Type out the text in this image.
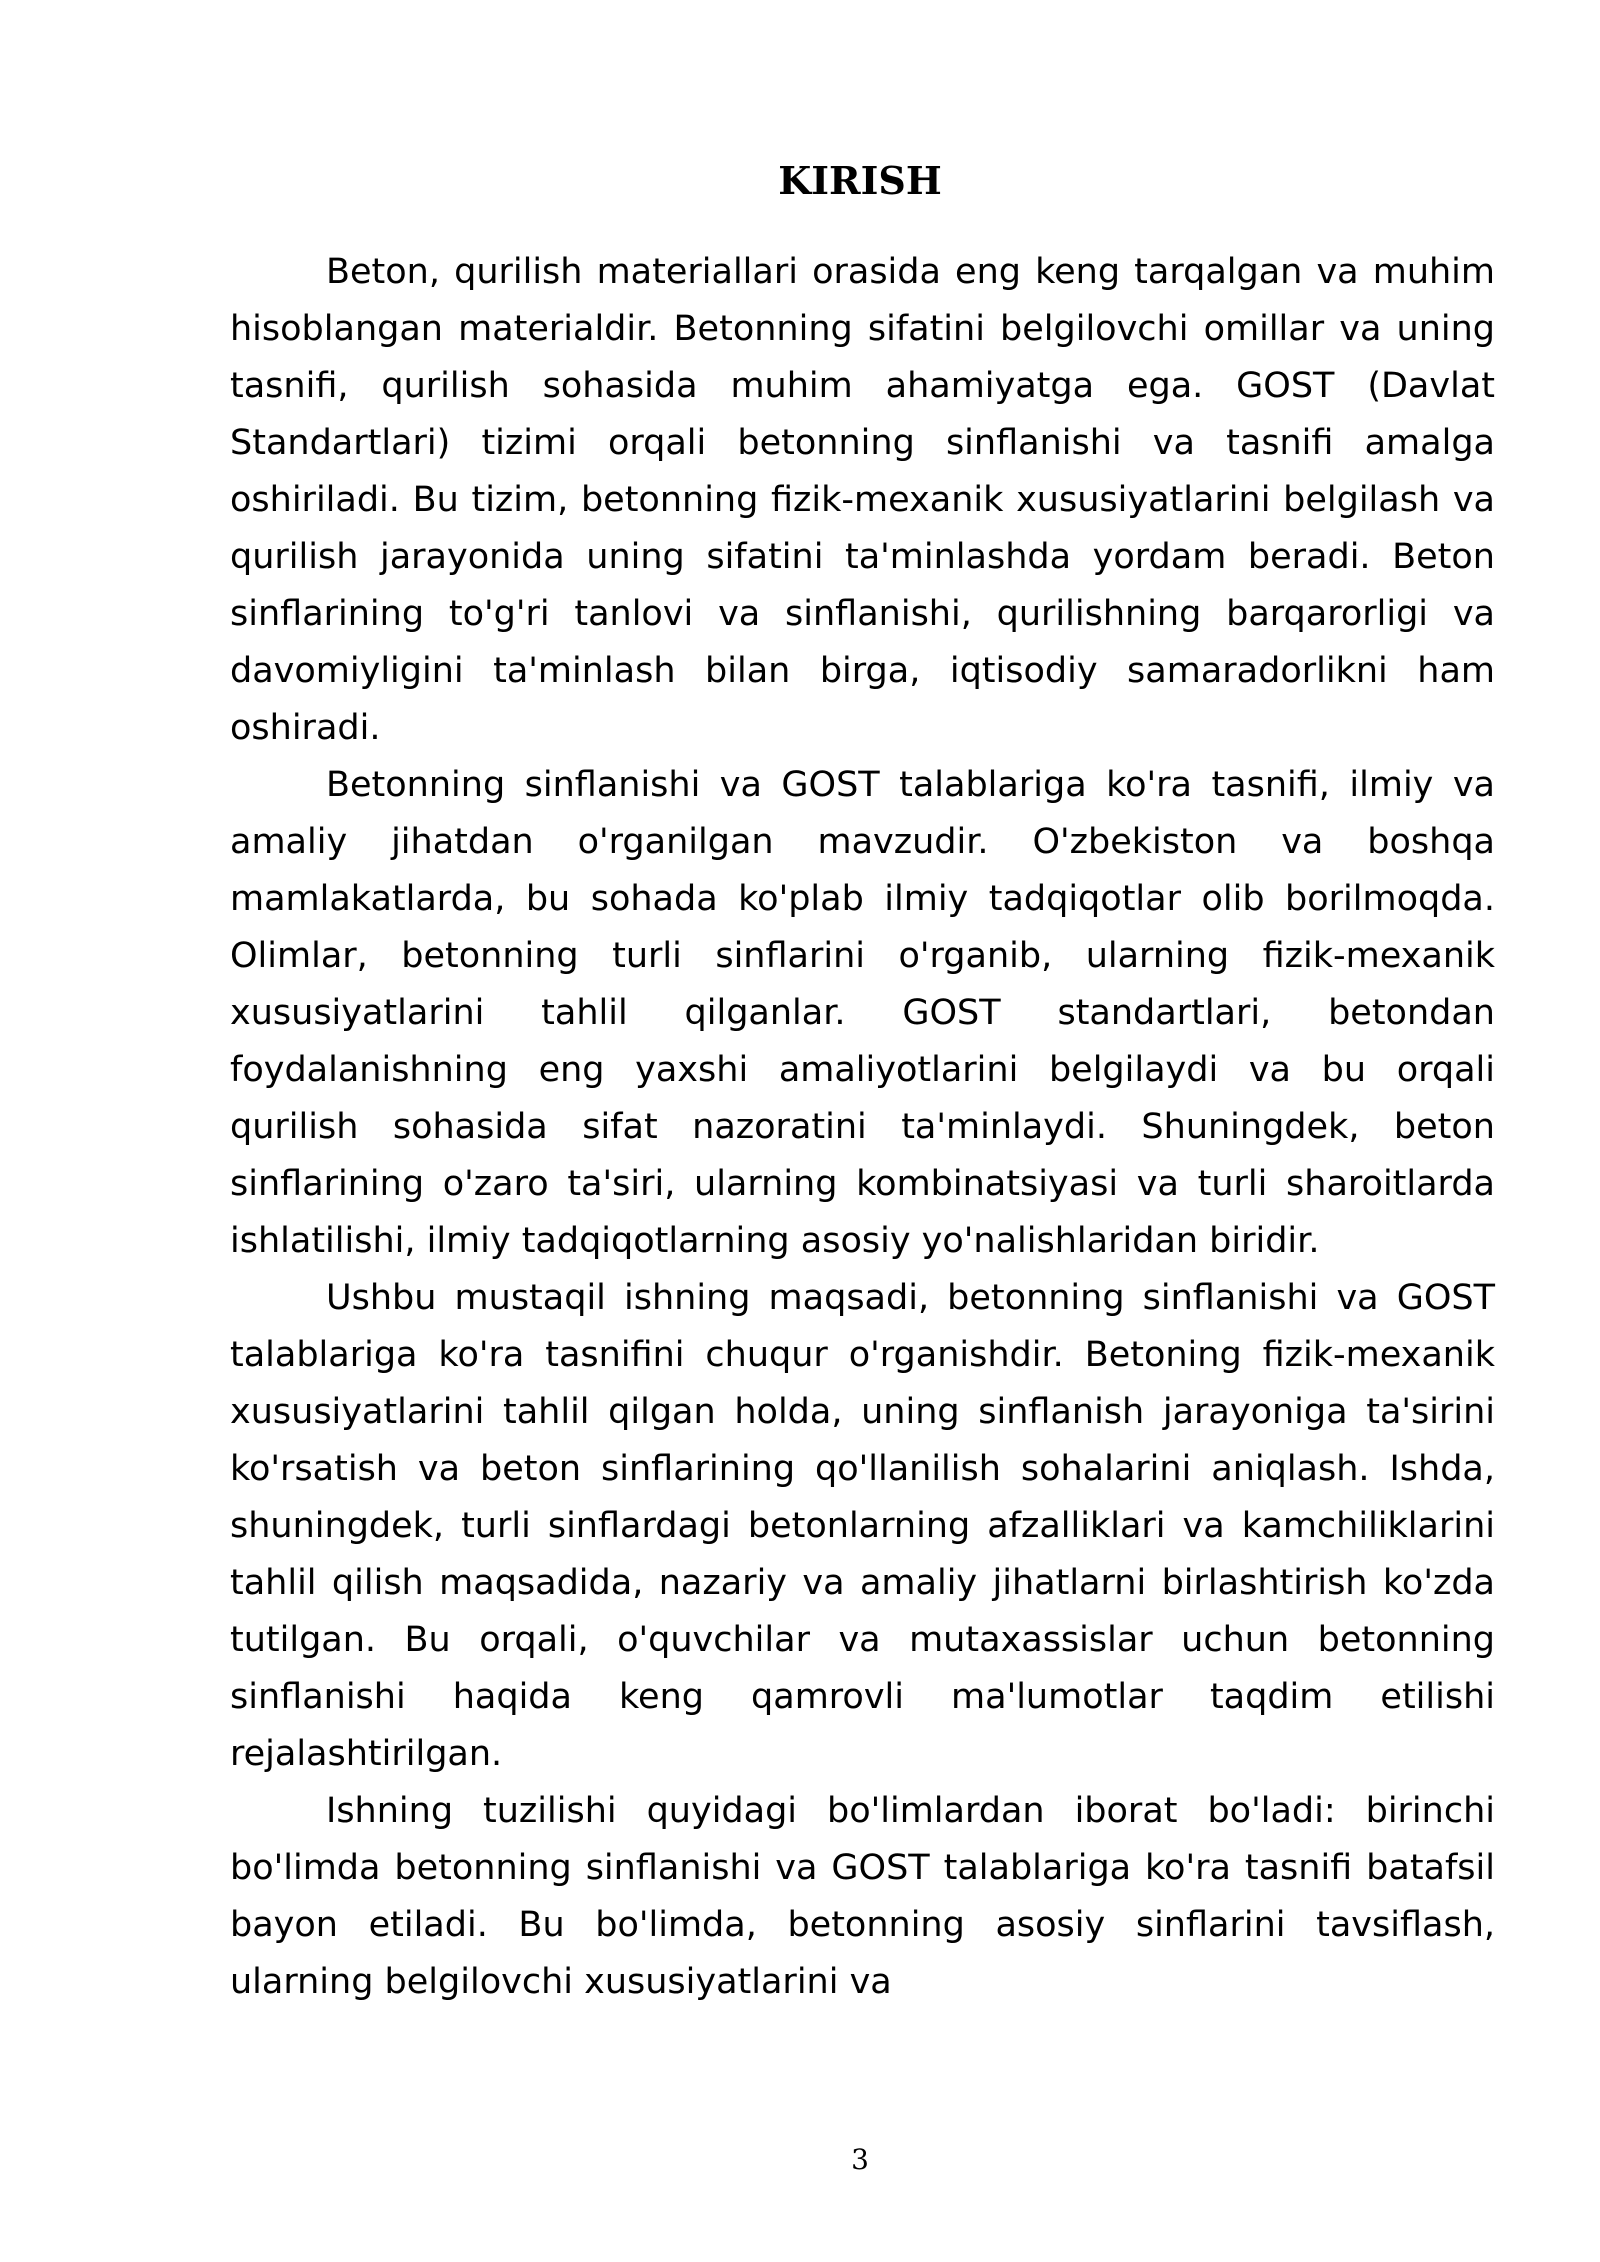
KIRISH

Beton, qurilish materiallari orasida eng keng tarqalgan va muhim hisoblangan materialdir. Betonning sifatini belgilovchi omillar va uning tasnifi, qurilish sohasida muhim ahamiyatga ega. GOST (Davlat Standartlari) tizimi orqali betonning sinflanishi va tasnifi amalga oshiriladi. Bu tizim, betonning fizik-mexanik xususiyatlarini belgilash va qurilish jarayonida uning sifatini ta'minlashda yordam beradi. Beton sinflarining to'g'ri tanlovi va sinflanishi, qurilishning barqarorligi va davomiyligini ta'minlash bilan birga, iqtisodiy samaradorlikni ham oshiradi.

Betonning sinflanishi va GOST talablariga ko'ra tasnifi, ilmiy va amaliy jihatdan o'rganilgan mavzudir. O'zbekiston va boshqa mamlakatlarda, bu sohada ko'plab ilmiy tadqiqotlar olib borilmoqda. Olimlar, betonning turli sinflarini o'rganib, ularning fizik-mexanik xususiyatlarini tahlil qilganlar. GOST standartlari, betondan foydalanishning eng yaxshi amaliyotlarini belgilaydi va bu orqali qurilish sohasida sifat nazoratini ta'minlaydi. Shuningdek, beton sinflarining o'zaro ta'siri, ularning kombinatsiyasi va turli sharoitlarda ishlatilishi, ilmiy tadqiqotlarning asosiy yo'nalishlaridan biridir.

Ushbu mustaqil ishning maqsadi, betonning sinflanishi va GOST talablariga ko'ra tasnifini chuqur o'rganishdir. Betoning fizik-mexanik xususiyatlarini tahlil qilgan holda, uning sinflanish jarayoniga ta'sirini ko'rsatish va beton sinflarining qo'llanilish sohalarini aniqlash. Ishda, shuningdek, turli sinflardagi betonlarning afzalliklari va kamchiliklarini tahlil qilish maqsadida, nazariy va amaliy jihatlarni birlashtirish ko'zda tutilgan. Bu orqali, o'quvchilar va mutaxassislar uchun betonning sinflanishi haqida keng qamrovli ma'lumotlar taqdim etilishi rejalashtirilgan.

Ishning tuzilishi quyidagi bo'limlardan iborat bo'ladi: birinchi bo'limda betonning sinflanishi va GOST talablariga ko'ra tasnifi batafsil bayon etiladi. Bu bo'limda, betonning asosiy sinflarini tavsiflash, ularning belgilovchi xususiyatlarini va

3
